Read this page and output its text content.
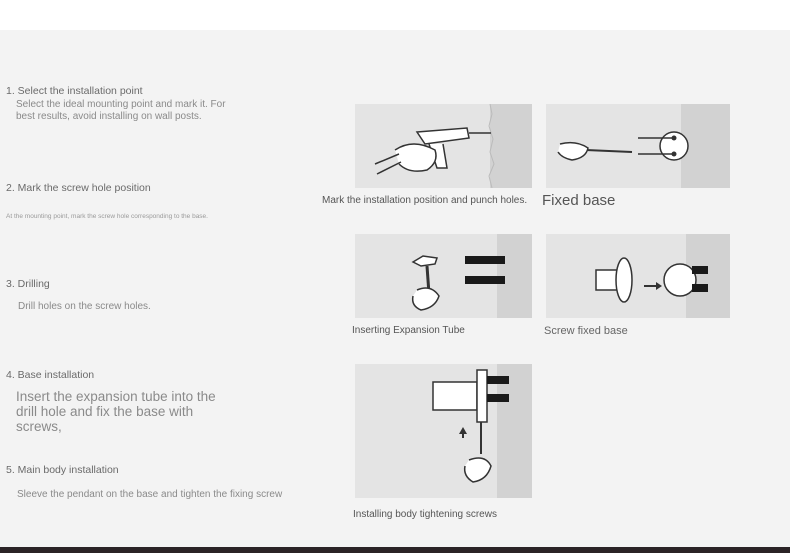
1. Select the installation point
Select the ideal mounting point and mark it. For best results, avoid installing on wall posts.
2. Mark the screw hole position
At the mounting point, mark the screw hole corresponding to the base.
3. Drilling
Drill holes on the screw holes.
4. Base installation
Insert the expansion tube into the drill hole and fix the base with screws,
5. Main body installation
Sleeve the pendant on the base and tighten the fixing screw
Mark the installation position and punch holes. Fixed base
Inserting Expansion Tube	Screw fixed base
Installing body tightening screws
